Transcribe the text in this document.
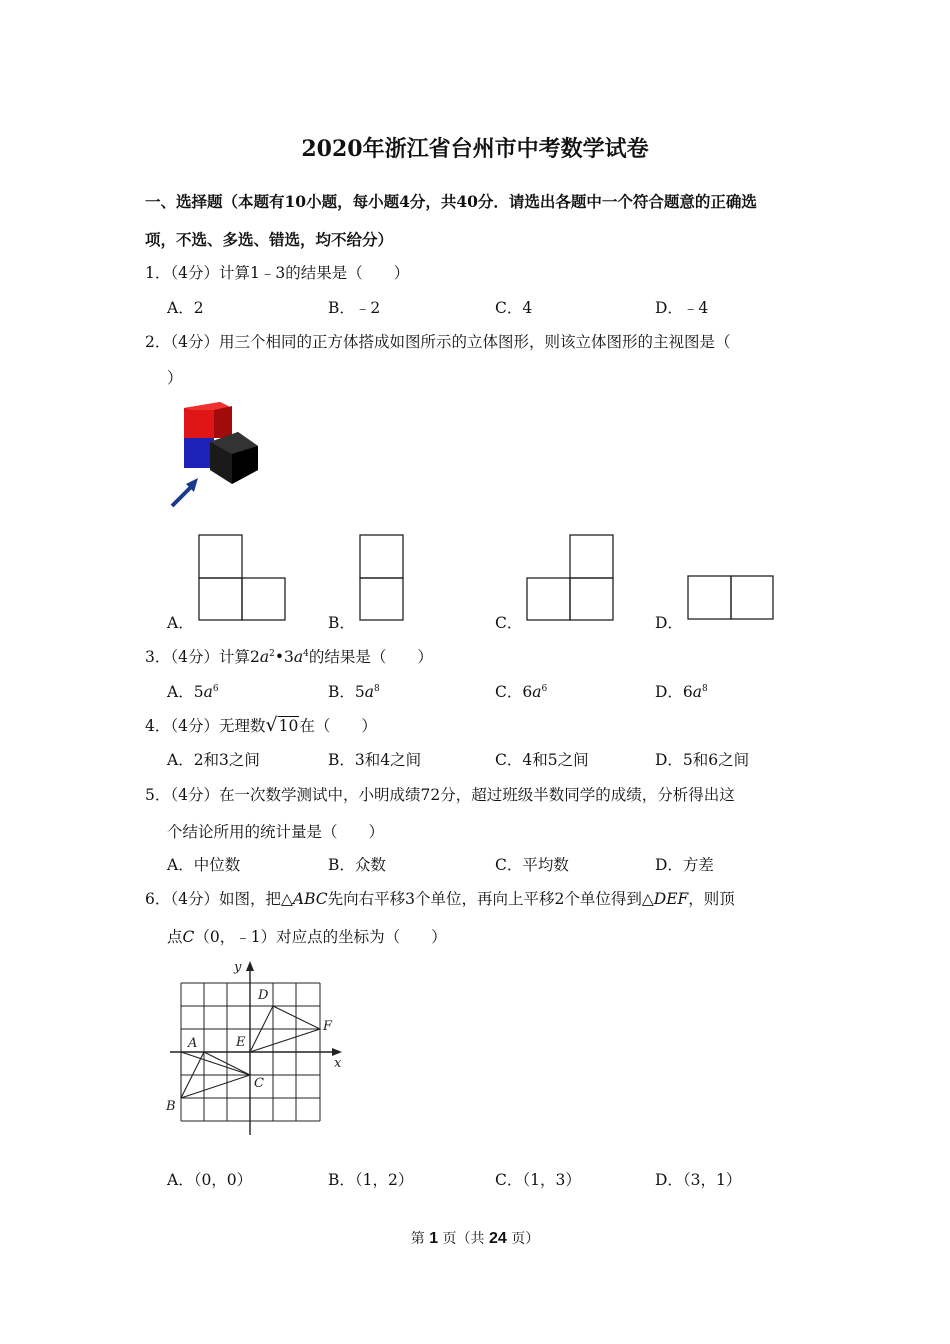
2020年浙江省台州市中考数学试卷
一、选择题（本题有10小题，每小题4分，共40分．请选出各题中一个符合题意的正确选
项，不选、多选、错选，均不给分）
1．（4分）计算1﹣3的结果是（　　）
A．2	B．﹣2	C．4	D．﹣4
2．（4分）用三个相同的正方体搭成如图所示的立体图形，则该立体图形的主视图是（
）
A．	B．	C．	D．
3．（4分）计算$2a^2•3a^4$的结果是（　　）
A．$5a^6$	B．$5a^8$	C．$6a^6$	D．$6a^8$
4．（4分）无理数√10在（　　）
A．2和3之间	B．3和4之间	C．4和5之间	D．5和6之间
5．（4分）在一次数学测试中，小明成绩72分，超过班级半数同学的成绩，分析得出这
个结论所用的统计量是（　　）
A．中位数	B．众数	C．平均数	D．方差
6．（4分）如图，把△ABC先向右平移3个单位，再向上平移2个单位得到△DEF，则顶
点C（0，﹣1）对应点的坐标为（　　）
x
y
A
B
C
D
E
F
A．（0，0）	B．（1，2）	C．（1，3）	D．（3，1）
第 1 页（共 24 页）
